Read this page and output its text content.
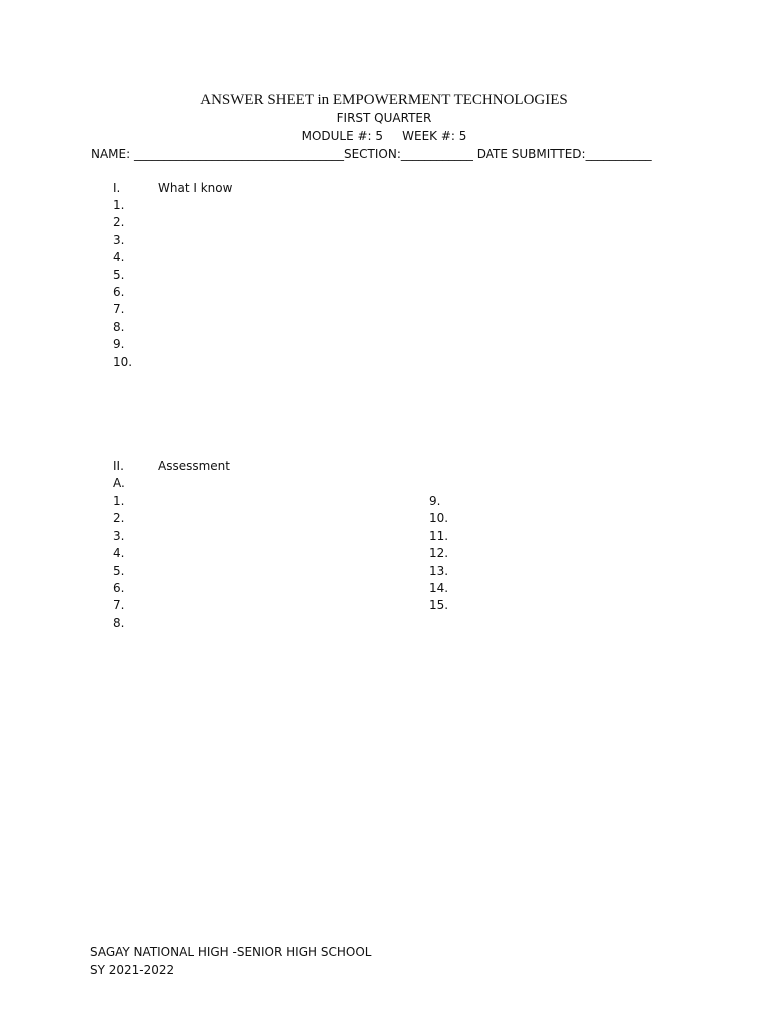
ANSWER SHEET in EMPOWERMENT TECHNOLOGIES
FIRST QUARTER
MODULE #: 5     WEEK #: 5
NAME: ___________________________________SECTION:____________ DATE SUBMITTED:___________
I.	What I know
1.
2.
3.
4.
5.
6.
7.
8.
9.
10.
II.	Assessment
A.
1.
2.
3.
4.
5.
6.
7.
8.
9.
10.
11.
12.
13.
14.
15.
SAGAY NATIONAL HIGH -SENIOR HIGH SCHOOL
SY 2021-2022
